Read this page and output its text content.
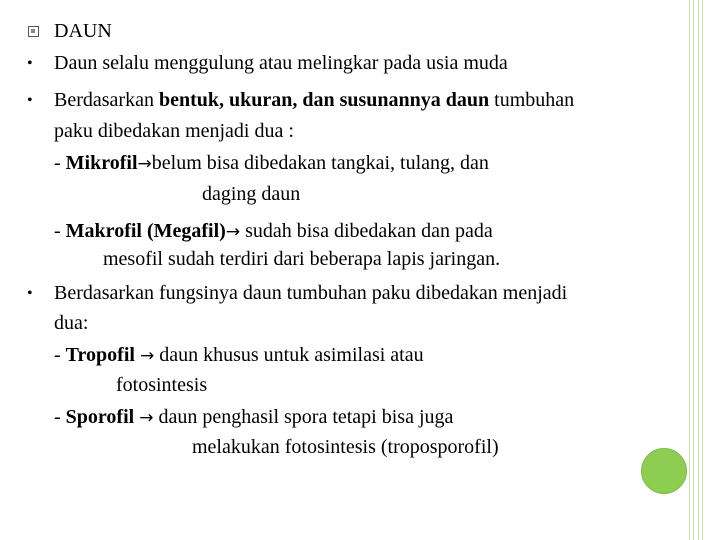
DAUN
• Daun selalu menggulung atau melingkar pada usia muda
• Berdasarkan bentuk, ukuran, dan susunannya daun tumbuhan
paku dibedakan menjadi dua :
- Mikrofil→belum bisa dibedakan tangkai, tulang, dan
daging daun
- Makrofil (Megafil)→ sudah bisa dibedakan dan pada
mesofil sudah terdiri dari beberapa lapis jaringan.
• Berdasarkan fungsinya daun tumbuhan paku dibedakan menjadi
dua:
- Tropofil → daun khusus untuk asimilasi atau
fotosintesis
- Sporofil → daun penghasil spora tetapi bisa juga
melakukan fotosintesis (troposporofil)
